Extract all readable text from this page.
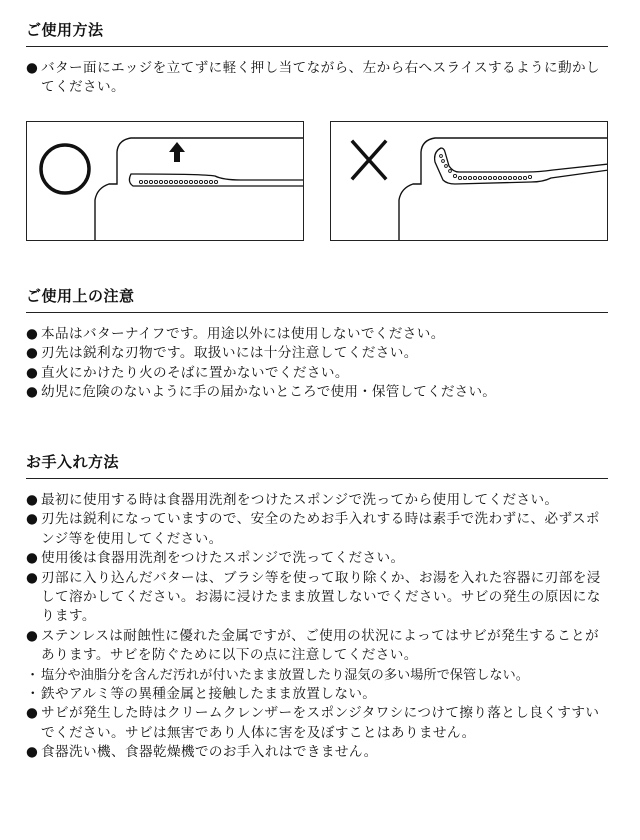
ご使用方法
● バター面にエッジを立てずに軽く押し当てながら、左から右へスライスするように動かしてください。
ご使用上の注意
● 本品はバターナイフです。用途以外には使用しないでください。
● 刃先は鋭利な刃物です。取扱いには十分注意してください。
● 直火にかけたり火のそばに置かないでください。
● 幼児に危険のないように手の届かないところで使用・保管してください。
お手入れ方法
● 最初に使用する時は食器用洗剤をつけたスポンジで洗ってから使用してください。
● 刃先は鋭利になっていますので、安全のためお手入れする時は素手で洗わずに、必ずスポンジ等を使用してください。
● 使用後は食器用洗剤をつけたスポンジで洗ってください。
● 刃部に入り込んだバターは、ブラシ等を使って取り除くか、お湯を入れた容器に刃部を浸して溶かしてください。お湯に浸けたまま放置しないでください。サビの発生の原因になります。
● ステンレスは耐蝕性に優れた金属ですが、ご使用の状況によってはサビが発生することがあります。サビを防ぐために以下の点に注意してください。
・ 塩分や油脂分を含んだ汚れが付いたまま放置したり湿気の多い場所で保管しない。
・ 鉄やアルミ等の異種金属と接触したまま放置しない。
● サビが発生した時はクリームクレンザーをスポンジタワシにつけて擦り落とし良くすすいでください。サビは無害であり人体に害を及ぼすことはありません。
● 食器洗い機、食器乾燥機でのお手入れはできません。
